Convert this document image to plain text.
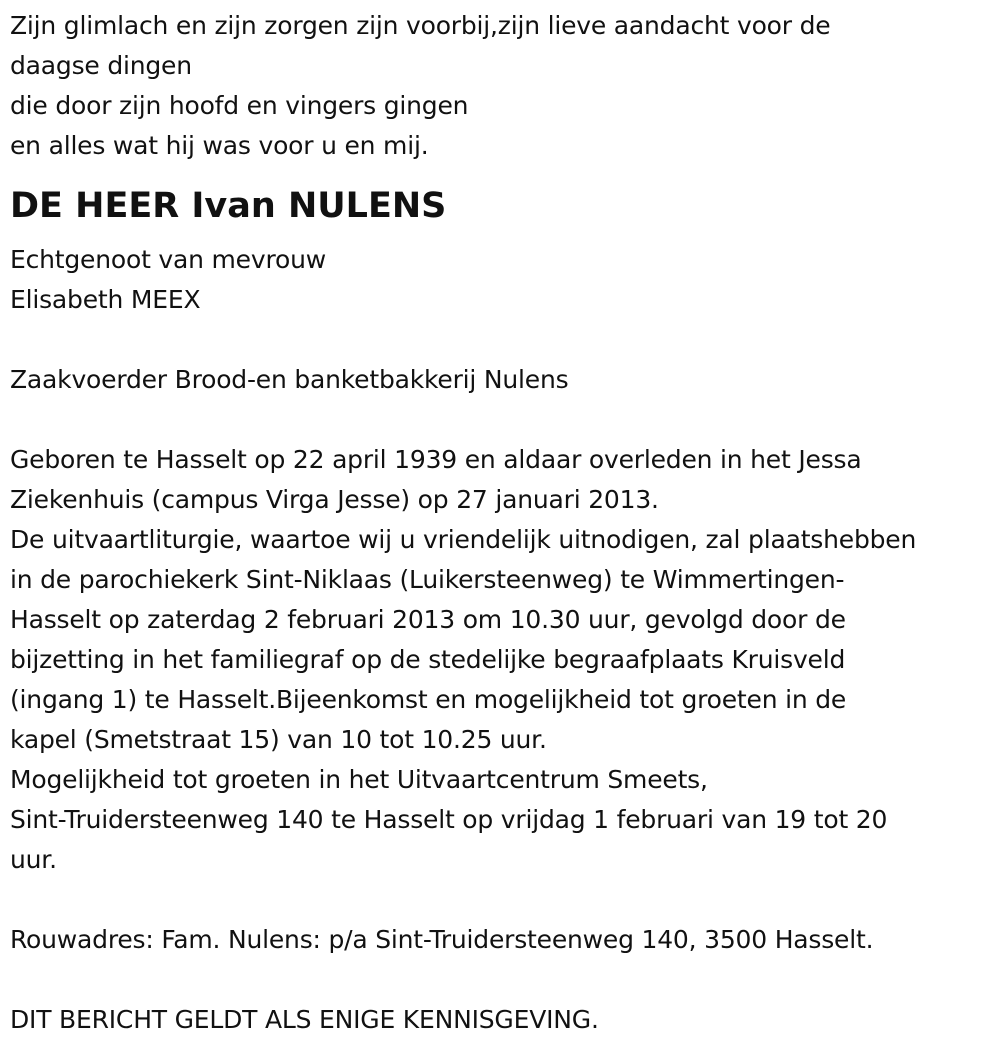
Zijn glimlach en zijn zorgen zijn voorbij,zijn lieve aandacht voor de
daagse dingen
die door zijn hoofd en vingers gingen
en alles wat hij was voor u en mij.
DE HEER Ivan NULENS
Echtgenoot van mevrouw
Elisabeth MEEX
Zaakvoerder Brood-en banketbakkerij Nulens
Geboren te Hasselt op 22 april 1939 en aldaar overleden in het Jessa
Ziekenhuis (campus Virga Jesse) op 27 januari 2013.
De uitvaartliturgie, waartoe wij u vriendelijk uitnodigen, zal plaatshebben
in de parochiekerk Sint-Niklaas (Luikersteenweg) te Wimmertingen-
Hasselt op zaterdag 2 februari 2013 om 10.30 uur, gevolgd door de
bijzetting in het familiegraf op de stedelijke begraafplaats Kruisveld
(ingang 1) te Hasselt.Bijeenkomst en mogelijkheid tot groeten in de
kapel (Smetstraat 15) van 10 tot 10.25 uur.
Mogelijkheid tot groeten in het Uitvaartcentrum Smeets,
Sint-Truidersteenweg 140 te Hasselt op vrijdag 1 februari van 19 tot 20
uur.
Rouwadres: Fam. Nulens: p/a Sint-Truidersteenweg 140, 3500 Hasselt.
DIT BERICHT GELDT ALS ENIGE KENNISGEVING.
